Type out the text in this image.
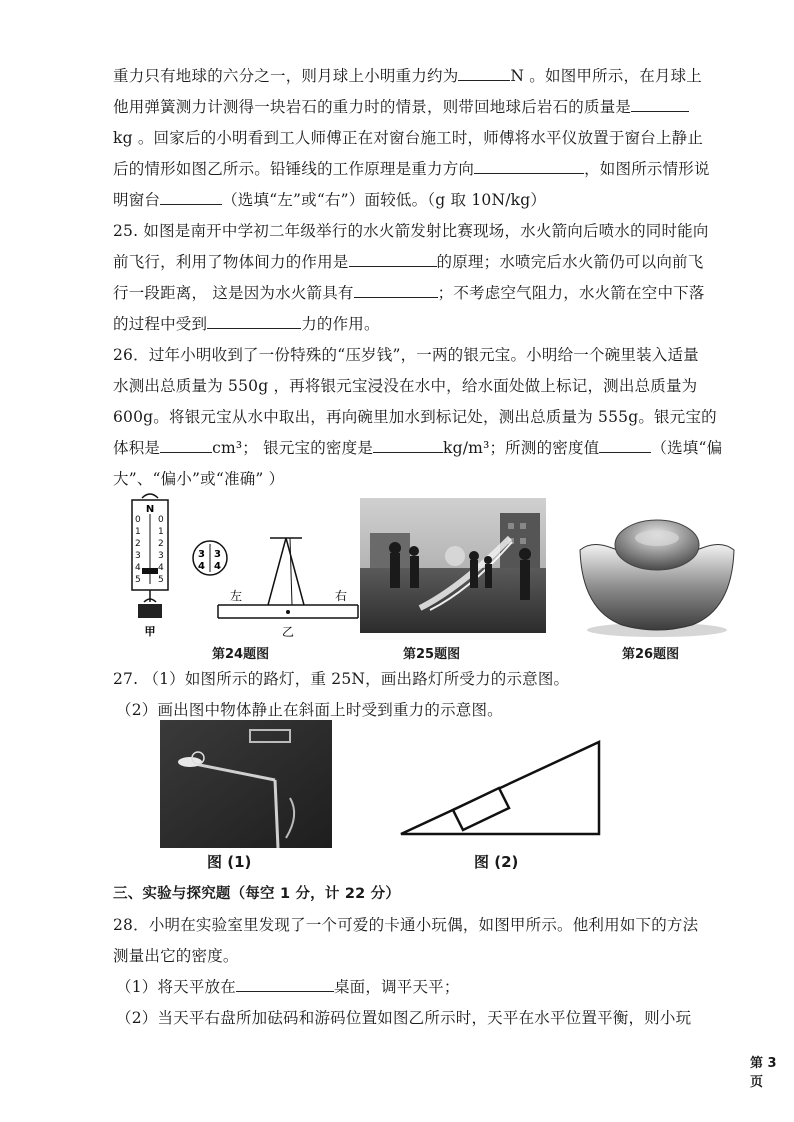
重力只有地球的六分之一，则月球上小明重力约为	N 。如图甲所示，在月球上
他用弹簧测力计测得一块岩石的重力时的情景，则带回地球后岩石的质量是
kg 。回家后的小明看到工人师傅正在对窗台施工时，师傅将水平仪放置于窗台上静止
后的情形如图乙所示。铅锤线的工作原理是重力方向	，如图所示情形说
明窗台	（选填“左”或“右”）面较低。（g 取 10N/kg）
25. 如图是南开中学初二年级举行的水火箭发射比赛现场，水火箭向后喷水的同时能向
前飞行，利用了物体间力的作用是	的原理；水喷完后水火箭仍可以向前飞
行一段距离， 这是因为水火箭具有	；不考虑空气阻力，水火箭在空中下落
的过程中受到	力的作用。
26．过年小明收到了一份特殊的“压岁钱”，一两的银元宝。小明给一个碗里装入适量
水测出总质量为 550g ，再将银元宝浸没在水中，给水面处做上标记，测出总质量为
600g。将银元宝从水中取出，再向碗里加水到标记处，测出总质量为 555g。银元宝的
体积是	cm³； 银元宝的密度是	kg/m³；所测的密度值	（选填“偏
大”、“偏小”或“准确” ）
N
0
1
2
3
4
5
0
1
2
3
4
5
甲
3 3
4 4
左	右
乙
第24题图	第25题图	第26题图
27. （1）如图所示的路灯，重 25N，画出路灯所受力的示意图。
（2）画出图中物体静止在斜面上时受到重力的示意图。
图 (1)	图 (2)
三、实验与探究题（每空 1 分，计 22 分）
28．小明在实验室里发现了一个可爱的卡通小玩偶，如图甲所示。他利用如下的方法
测量出它的密度。
（1）将天平放在	桌面，调平天平；
（2）当天平右盘所加砝码和游码位置如图乙所示时，天平在水平位置平衡，则小玩
第 3 页
